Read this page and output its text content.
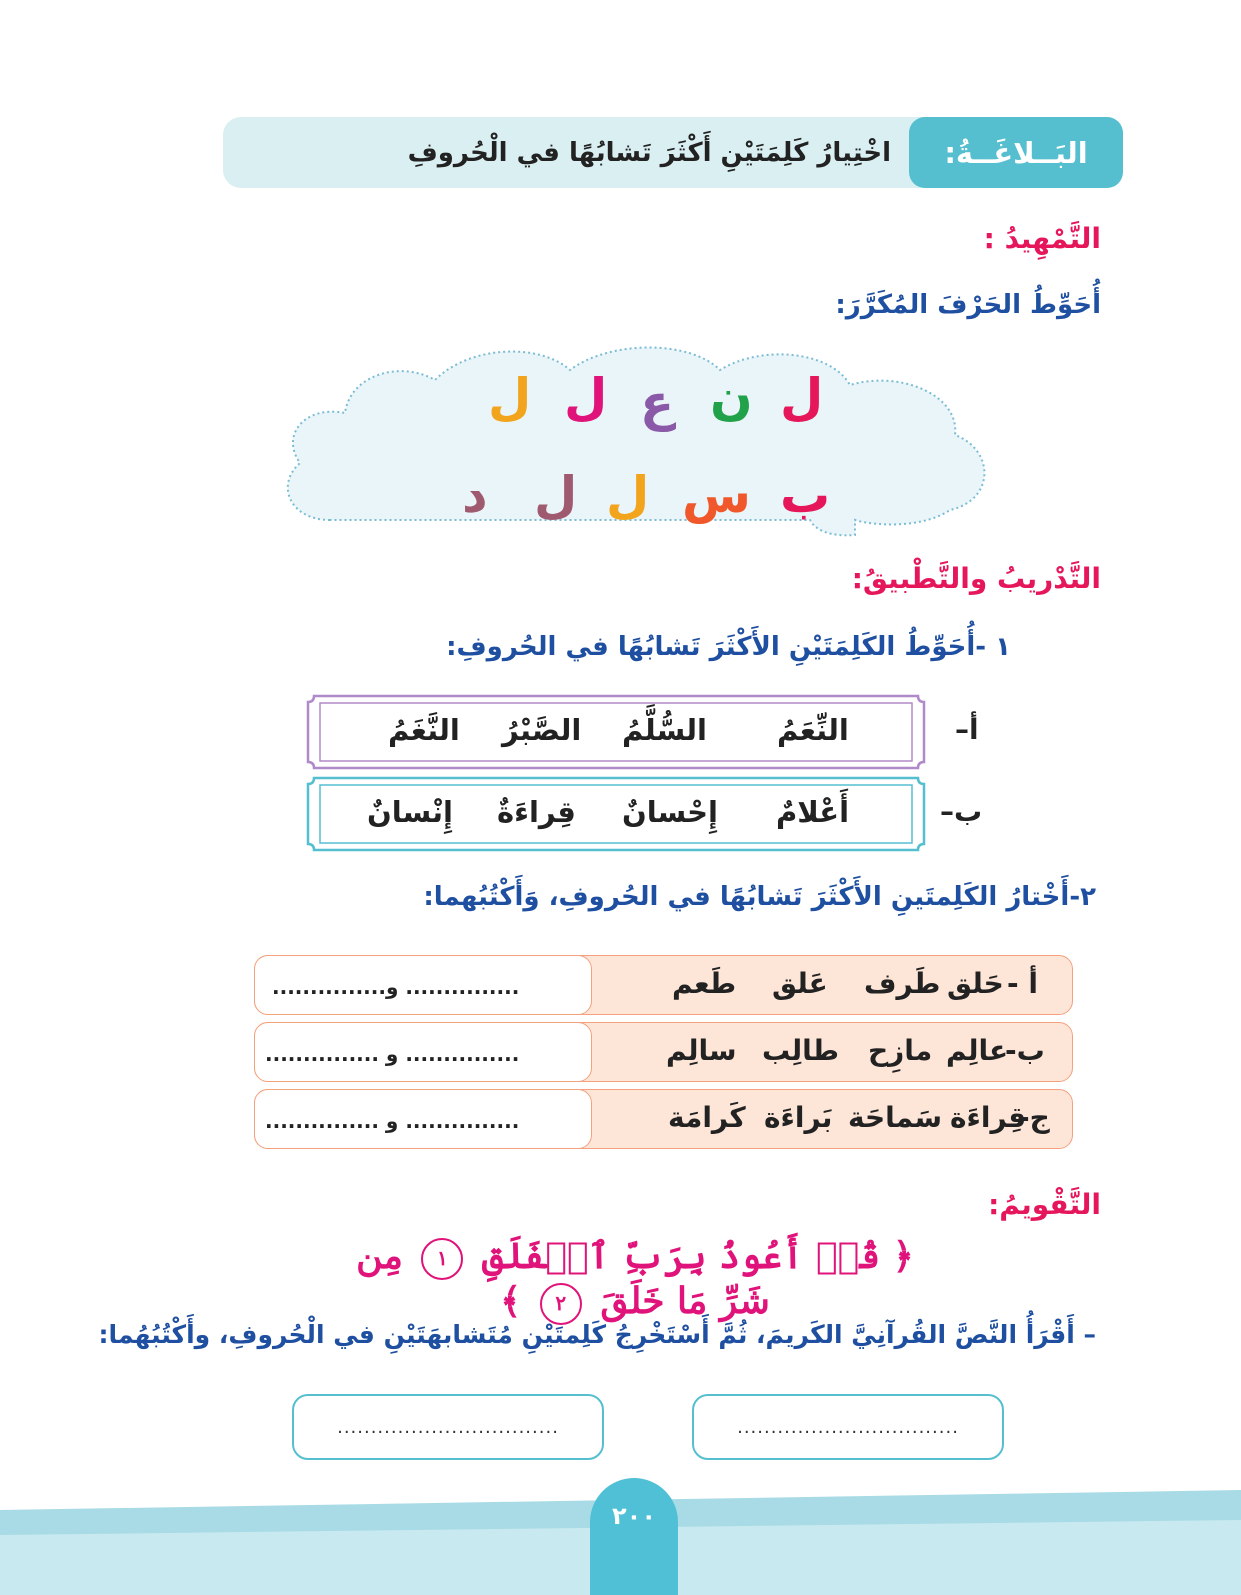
البَــلاغَــةُ:
اخْتِيارُ كَلِمَتَيْنِ أَكْثَرَ تَشابُهًا في الْحُروفِ
التَّمْهِيدُ :
أُحَوِّطُ الحَرْفَ المُكَرَّرَ:
ل
ن
ع
ل
ل
ب
س
ل
ل
د
التَّدْريبُ والتَّطْبيقُ:
١ -أُحَوِّطُ الكَلِمَتَيْنِ الأَكْثَرَ تَشابُهًا في الحُروفِ:
أ–
النِّعَمُ
السُّلَّمُ
الصَّبْرُ
النَّغَمُ
ب–
أَعْلامٌ
إِحْسانٌ
قِراءَةٌ
إِنْسانٌ
٢-أَخْتارُ الكَلِمتَينِ الأَكْثَرَ تَشابُهًا في الحُروفِ، وَأَكْتُبُهما:
أ -
حَلق
طَرف
عَلق
طَعم
............... و...............
ب-
عالِم
مازِح
طالِب
سالِم
............... و ...............
ج-
قِراءَة
سَماحَة
بَراءَة
كَرامَة
............... و ...............
التَّقْويمُ:
﴿ قُلۡ أَعُوذُ بِرَبِّ ٱلۡفَلَقِ ١ مِن شَرِّ مَا خَلَقَ ٢ ﴾
– أَقْرَأُ النَّصَّ القُرآنِيَّ الكَريمَ، ثُمَّ أَسْتَخْرِجُ كَلِمتَيْنِ مُتَشابهَتَيْنِ في الْحُروفِ، وأَكْتُبُهُما:
.................................
.................................
٢٠٠
